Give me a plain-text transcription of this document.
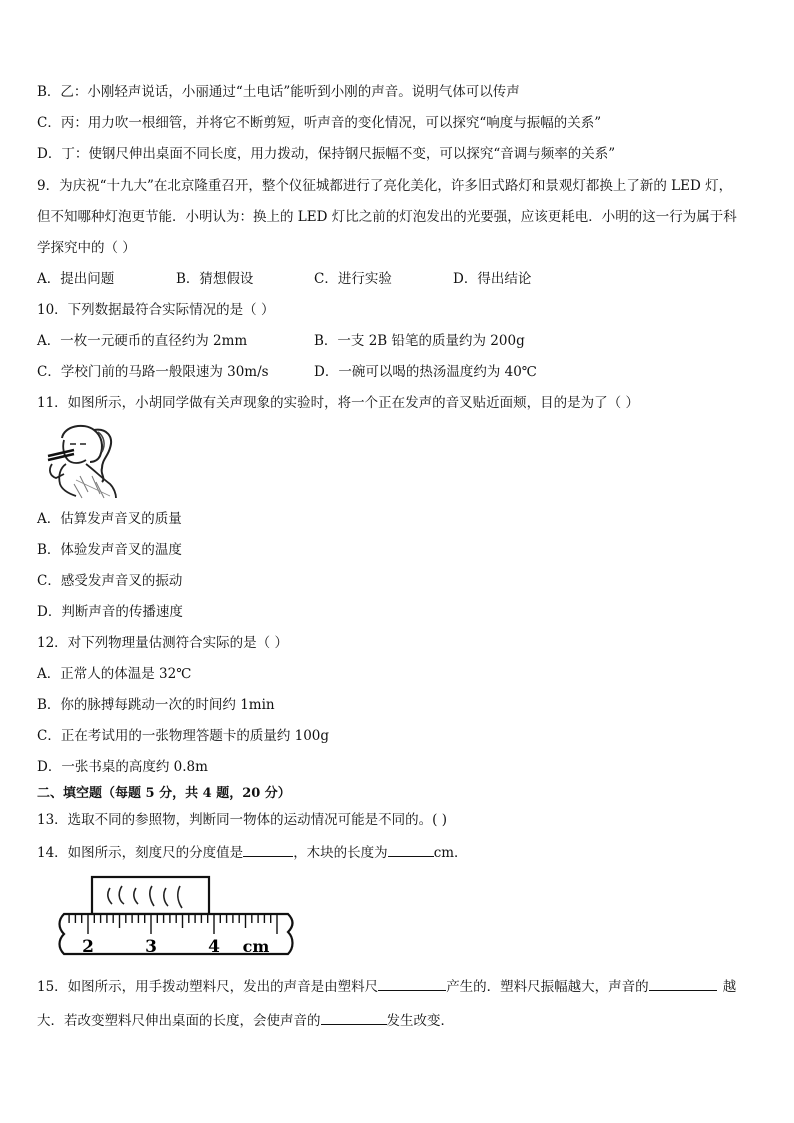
B．乙：小刚轻声说话，小丽通过“土电话”能听到小刚的声音。说明气体可以传声
C．丙：用力吹一根细管，并将它不断剪短，听声音的变化情况，可以探究“响度与振幅的关系”
D．丁：使钢尺伸出桌面不同长度，用力拨动，保持钢尺振幅不变，可以探究“音调与频率的关系”
9．为庆祝“十九大”在北京隆重召开，整个仪征城都进行了亮化美化，许多旧式路灯和景观灯都换上了新的 LED 灯，
但不知哪种灯泡更节能．小明认为：换上的 LED 灯比之前的灯泡发出的光要强，应该更耗电．小明的这一行为属于科
学探究中的（ ）
A．提出问题	B．猜想假设	C．进行实验	D．得出结论
10．下列数据最符合实际情况的是（ ）
A．一枚一元硬币的直径约为 2mm	B．一支 2B 铅笔的质量约为 200g
C．学校门前的马路一般限速为 30m/s	D．一碗可以喝的热汤温度约为 40℃
11．如图所示，小胡同学做有关声现象的实验时，将一个正在发声的音叉贴近面颊，目的是为了（ ）
A．估算发声音叉的质量
B．体验发声音叉的温度
C．感受发声音叉的振动
D．判断声音的传播速度
12．对下列物理量估测符合实际的是（ ）
A．正常人的体温是 32℃
B．你的脉搏每跳动一次的时间约 1min
C．正在考试用的一张物理答题卡的质量约 100g
D．一张书桌的高度约 0.8m
二、填空题（每题 5 分，共 4 题，20 分）
13．选取不同的参照物，判断同一物体的运动情况可能是不同的。( )
14．如图所示，刻度尺的分度值是	，木块的长度为	cm．
2	3	4 cm
15．如图所示，用手拨动塑料尺，发出的声音是由塑料尺	产生的．塑料尺振幅越大，声音的	越
大．若改变塑料尺伸出桌面的长度，会使声音的	发生改变．
